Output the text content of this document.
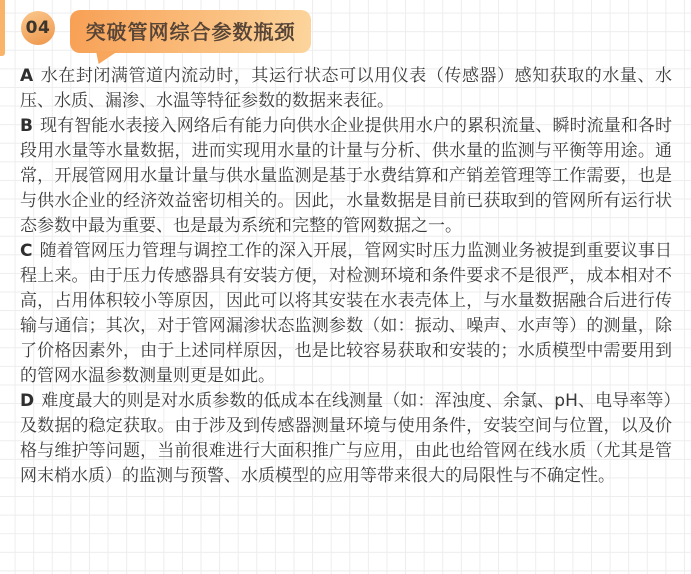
04 突破管网综合参数瓶颈

A 水在封闭满管道内流动时，其运行状态可以用仪表（传感器）感知获取的水量、水压、水质、漏渗、水温等特征参数的数据来表征。

B 现有智能水表接入网络后有能力向供水企业提供用水户的累积流量、瞬时流量和各时段用水量等水量数据，进而实现用水量的计量与分析、供水量的监测与平衡等用途。通常，开展管网用水量计量与供水量监测是基于水费结算和产销差管理等工作需要，也是与供水企业的经济效益密切相关的。因此，水量数据是目前已获取到的管网所有运行状态参数中最为重要、也是最为系统和完整的管网数据之一。

C 随着管网压力管理与调控工作的深入开展，管网实时压力监测业务被提到重要议事日程上来。由于压力传感器具有安装方便，对检测环境和条件要求不是很严，成本相对不高，占用体积较小等原因，因此可以将其安装在水表壳体上，与水量数据融合后进行传输与通信；其次，对于管网漏渗状态监测参数（如：振动、噪声、水声等）的测量，除了价格因素外，由于上述同样原因，也是比较容易获取和安装的；水质模型中需要用到的管网水温参数测量则更是如此。

D 难度最大的则是对水质参数的低成本在线测量（如：浑浊度、余氯、pH、电导率等）及数据的稳定获取。由于涉及到传感器测量环境与使用条件，安装空间与位置，以及价格与维护等问题，当前很难进行大面积推广与应用，由此也给管网在线水质（尤其是管网末梢水质）的监测与预警、水质模型的应用等带来很大的局限性与不确定性。
